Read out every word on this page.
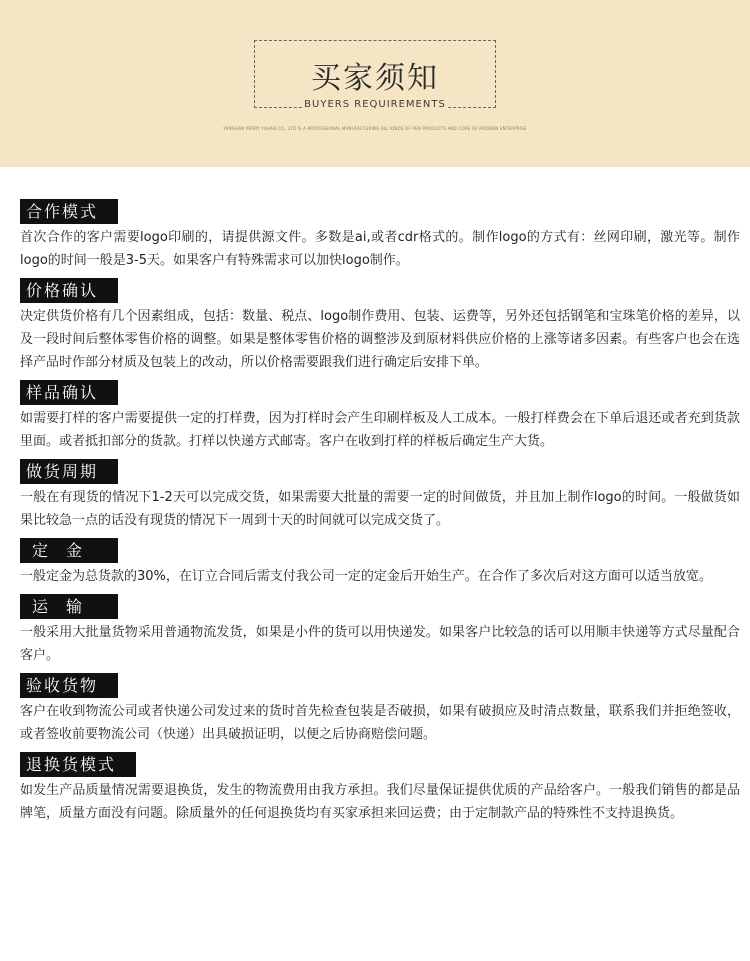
买家须知
BUYERS REQUIREMENTS
YANGHAN PERRY YUHAN CO., LTD IS A PROFESSIONAL MANUFACTURING ALL KINDS OF PEN PRODUCTS AND CORE OF MODERN ENTERPRISE
合作模式
首次合作的客户需要logo印刷的，请提供源文件。多数是ai,或者cdr格式的。制作logo的方式有：丝网印刷，激光等。制作logo的时间一般是3-5天。如果客户有特殊需求可以加快logo制作。
价格确认
决定供货价格有几个因素组成，包括：数量、税点、logo制作费用、包装、运费等，另外还包括钢笔和宝珠笔价格的差异，以及一段时间后整体零售价格的调整。如果是整体零售价格的调整涉及到原材料供应价格的上涨等诸多因素。有些客户也会在选择产品时作部分材质及包装上的改动，所以价格需要跟我们进行确定后安排下单。
样品确认
如需要打样的客户需要提供一定的打样费，因为打样时会产生印刷样板及人工成本。一般打样费会在下单后退还或者充到货款里面。或者抵扣部分的货款。打样以快递方式邮寄。客户在收到打样的样板后确定生产大货。
做货周期
一般在有现货的情况下1-2天可以完成交货，如果需要大批量的需要一定的时间做货，并且加上制作logo的时间。一般做货如果比较急一点的话没有现货的情况下一周到十天的时间就可以完成交货了。
定金
一般定金为总货款的30%，在订立合同后需支付我公司一定的定金后开始生产。在合作了多次后对这方面可以适当放宽。
运输
一般采用大批量货物采用普通物流发货，如果是小件的货可以用快递发。如果客户比较急的话可以用顺丰快递等方式尽量配合客户。
验收货物
客户在收到物流公司或者快递公司发过来的货时首先检查包装是否破损，如果有破损应及时清点数量，联系我们并拒绝签收，或者签收前要物流公司（快递）出具破损证明，以便之后协商赔偿问题。
退换货模式
如发生产品质量情况需要退换货，发生的物流费用由我方承担。我们尽量保证提供优质的产品给客户。一般我们销售的都是品牌笔，质量方面没有问题。除质量外的任何退换货均有买家承担来回运费；由于定制款产品的特殊性不支持退换货。
